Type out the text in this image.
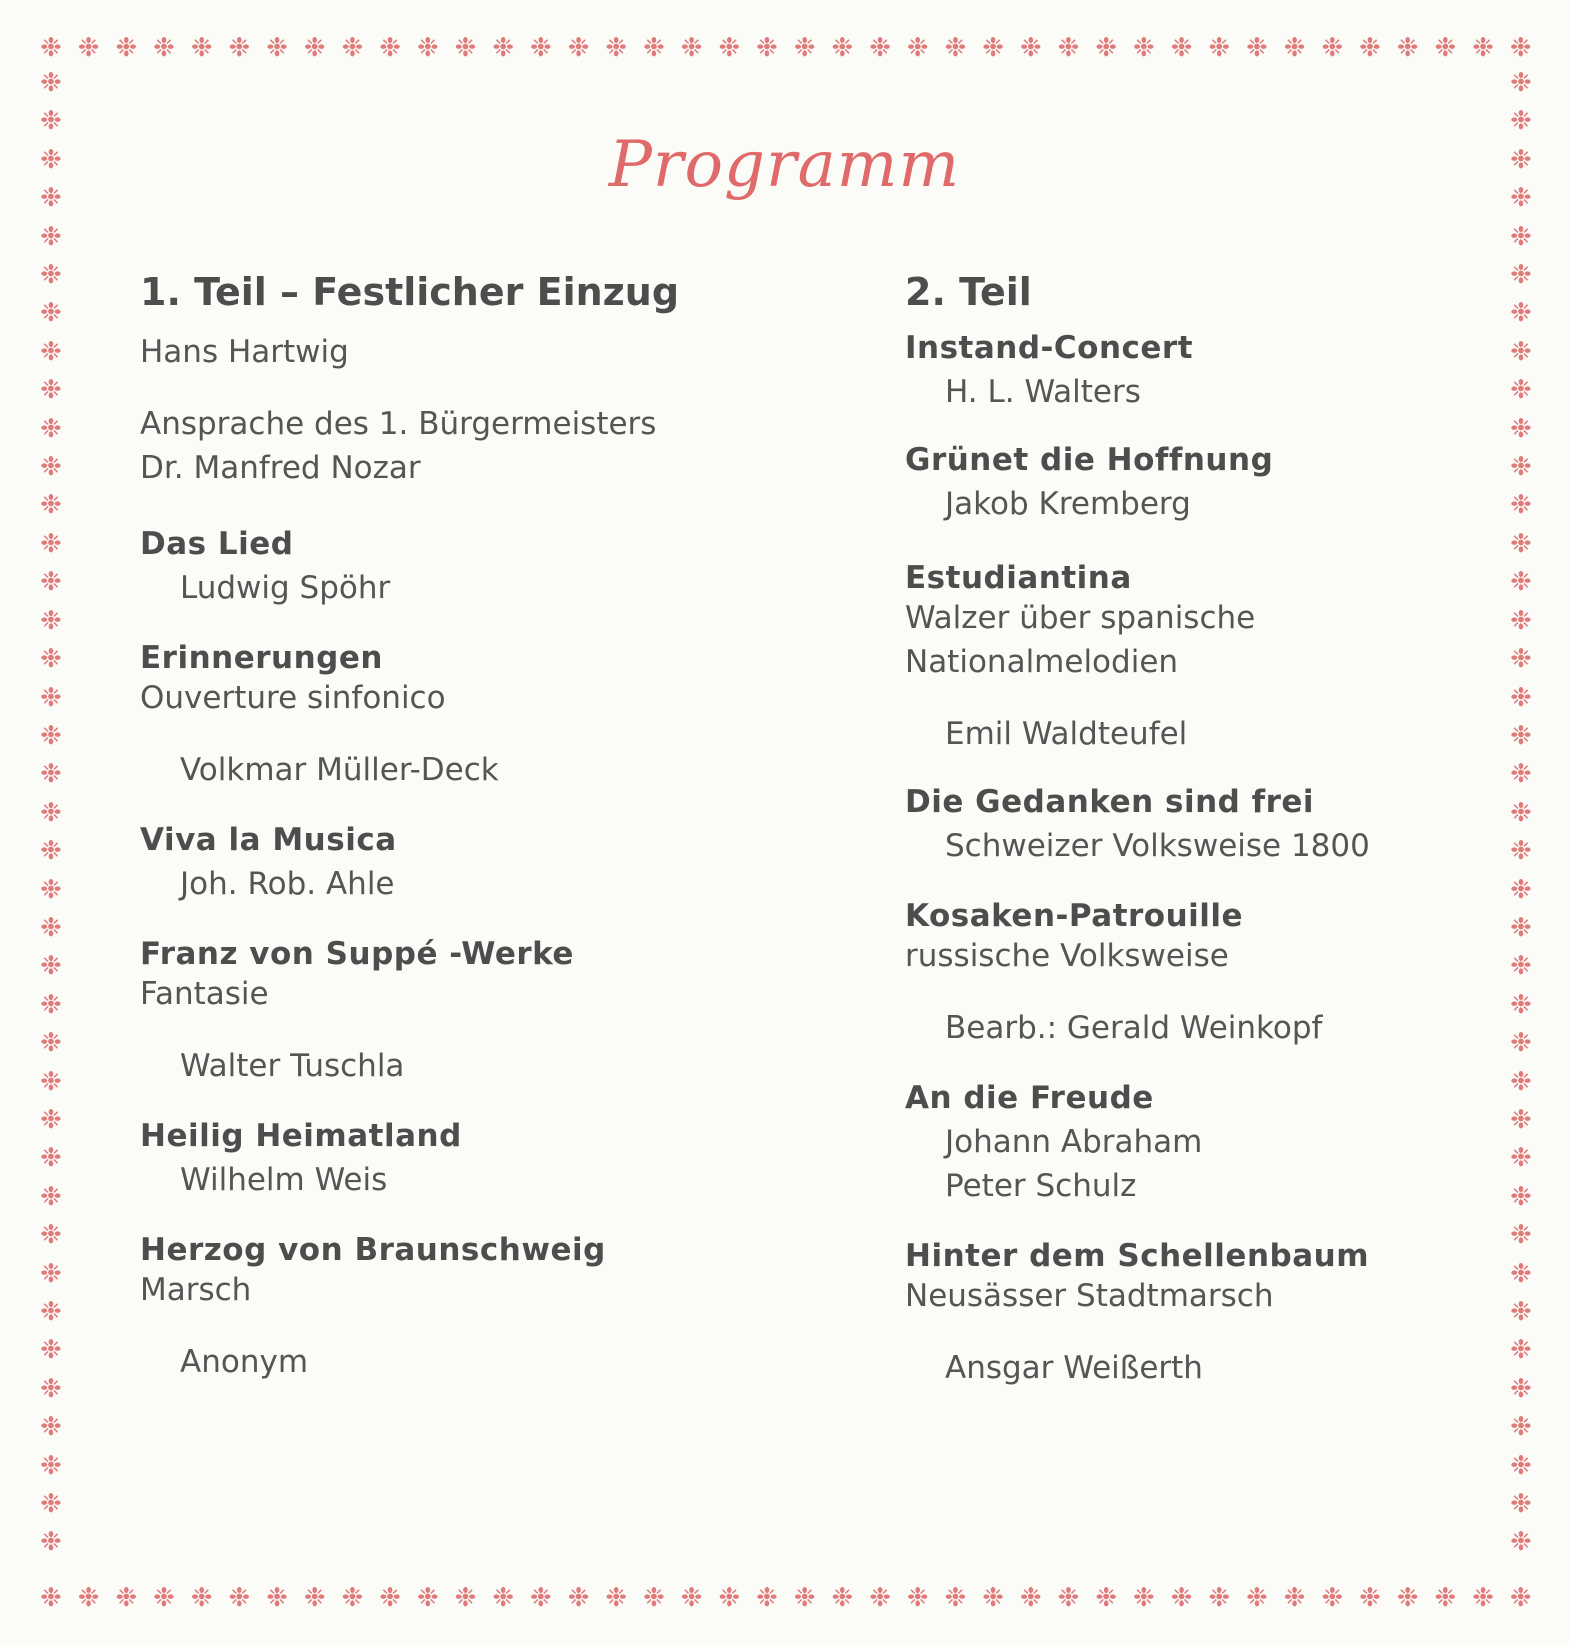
❉ ❉ ❉ ❉ ❉ ❉ ❉ ❉ ❉ ❉ ❉ ❉ ❉ ❉ ❉ ❉ ❉ ❉ ❉ ❉ ❉ ❉ ❉ ❉ ❉ ❉ ❉ ❉ ❉ ❉ ❉ ❉ ❉ ❉ ❉ ❉ ❉ ❉ ❉ ❉
❉ ❉ ❉ ❉ ❉ ❉ ❉ ❉ ❉ ❉ ❉ ❉ ❉ ❉ ❉ ❉ ❉ ❉ ❉ ❉ ❉ ❉ ❉ ❉ ❉ ❉ ❉ ❉ ❉ ❉ ❉ ❉ ❉ ❉ ❉ ❉ ❉ ❉ ❉ ❉
❉
❉
❉
❉
❉
❉
❉
❉
❉
❉
❉
❉
❉
❉
❉
❉
❉
❉
❉
❉
❉
❉
❉
❉
❉
❉
❉
❉
❉
❉
❉
❉
❉
❉
❉
❉
❉
❉
❉
❉
❉
❉
❉
❉
❉
❉
❉
❉
❉
❉
❉
❉
❉
❉
❉
❉
❉
❉
❉
❉
❉
❉
❉
❉
❉
❉
❉
❉
❉
❉
❉
❉
❉
❉
❉
❉
❉
❉
Programm
1. Teil – Festlicher Einzug
Hans Hartwig
Ansprache des 1. Bürgermeisters
Dr. Manfred Nozar
Das Lied
Ludwig Spöhr
Erinnerungen
Ouverture sinfonico
Volkmar Müller-Deck
Viva la Musica
Joh. Rob. Ahle
Franz von Suppé -Werke
Fantasie
Walter Tuschla
Heilig Heimatland
Wilhelm Weis
Herzog von Braunschweig
Marsch
Anonym
2. Teil
Instand-Concert
H. L. Walters
Grünet die Hoffnung
Jakob Kremberg
Estudiantina
Walzer über spanische
Nationalmelodien
Emil Waldteufel
Die Gedanken sind frei
Schweizer Volksweise 1800
Kosaken-Patrouille
russische Volksweise
Bearb.: Gerald Weinkopf
An die Freude
Johann Abraham
Peter Schulz
Hinter dem Schellenbaum
Neusässer Stadtmarsch
Ansgar Weißerth
